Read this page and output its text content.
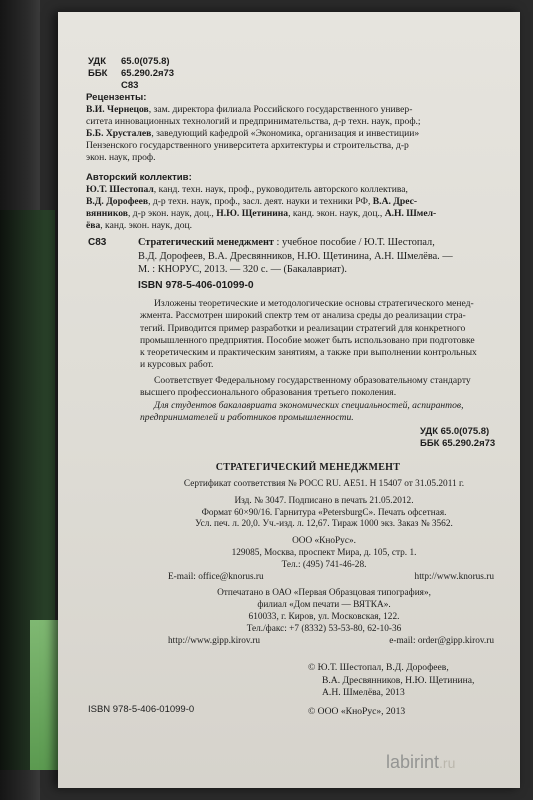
УДК 65.0(075.8)
ББК 65.290.2я73
С83
Рецензенты:
В.И. Чернецов, зам. директора филиала Российского государственного универ-
ситета инновационных технологий и предпринимательства, д-р техн. наук, проф.;
Б.Б. Хрусталев, заведующий кафедрой «Экономика, организация и инвестиции»
Пензенского государственного университета архитектуры и строительства, д-р
экон. наук, проф.
Авторский коллектив:
Ю.Т. Шестопал, канд. техн. наук, проф., руководитель авторского коллектива,
В.Д. Дорофеев, д-р техн. наук, проф., засл. деят. науки и техники РФ, В.А. Дрес-
вянников, д-р экон. наук, доц., Н.Ю. Щетинина, канд. экон. наук, доц., А.Н. Шмел-
ёва, канд. экон. наук, доц.
С83	Стратегический менеджмент : учебное пособие / Ю.Т. Шестопал,
В.Д. Дорофеев, В.А. Дресвянников, Н.Ю. Щетинина, А.Н. Шмелёва. —
М. : КНОРУС, 2013. — 320 с. — (Бакалавриат).
ISBN 978-5-406-01099-0
Изложены теоретические и методологические основы стратегического менед-
жмента. Рассмотрен широкий спектр тем от анализа среды до реализации стра-
тегий. Приводится пример разработки и реализации стратегий для конкретного
промышленного предприятия. Пособие может быть использовано при подготовке
к теоретическим и практическим занятиям, а также при выполнении контрольных
и курсовых работ.
Соответствует Федеральному государственному образовательному стандарту
высшего профессионального образования третьего поколения.
Для студентов бакалавриата экономических специальностей, аспирантов,
предпринимателей и работников промышленности.
УДК 65.0(075.8)
ББК 65.290.2я73
СТРАТЕГИЧЕСКИЙ МЕНЕДЖМЕНТ
Сертификат соответствия № РОСС RU. АЕ51. Н 15407 от 31.05.2011 г.
Изд. № 3047. Подписано в печать 21.05.2012.
Формат 60×90/16. Гарнитура «PetersburgC». Печать офсетная.
Усл. печ. л. 20,0. Уч.-изд. л. 12,67. Тираж 1000 экз. Заказ № 3562.
ООО «КноРус».
129085, Москва, проспект Мира, д. 105, стр. 1.
Тел.: (495) 741-46-28.
E-mail: office@knorus.ru	http://www.knorus.ru
Отпечатано в ОАО «Первая Образцовая типография»,
филиал «Дом печати — ВЯТКА».
610033, г. Киров, ул. Московская, 122.
Тел./факс: +7 (8332) 53-53-80, 62-10-36
http://www.gipp.kirov.ru	e-mail: order@gipp.kirov.ru
© Ю.Т. Шестопал, В.Д. Дорофеев,
В.А. Дресвянников, Н.Ю. Щетинина,
А.Н. Шмелёва, 2013
© ООО «КноРус», 2013
ISBN 978-5-406-01099-0
labirint.ru
